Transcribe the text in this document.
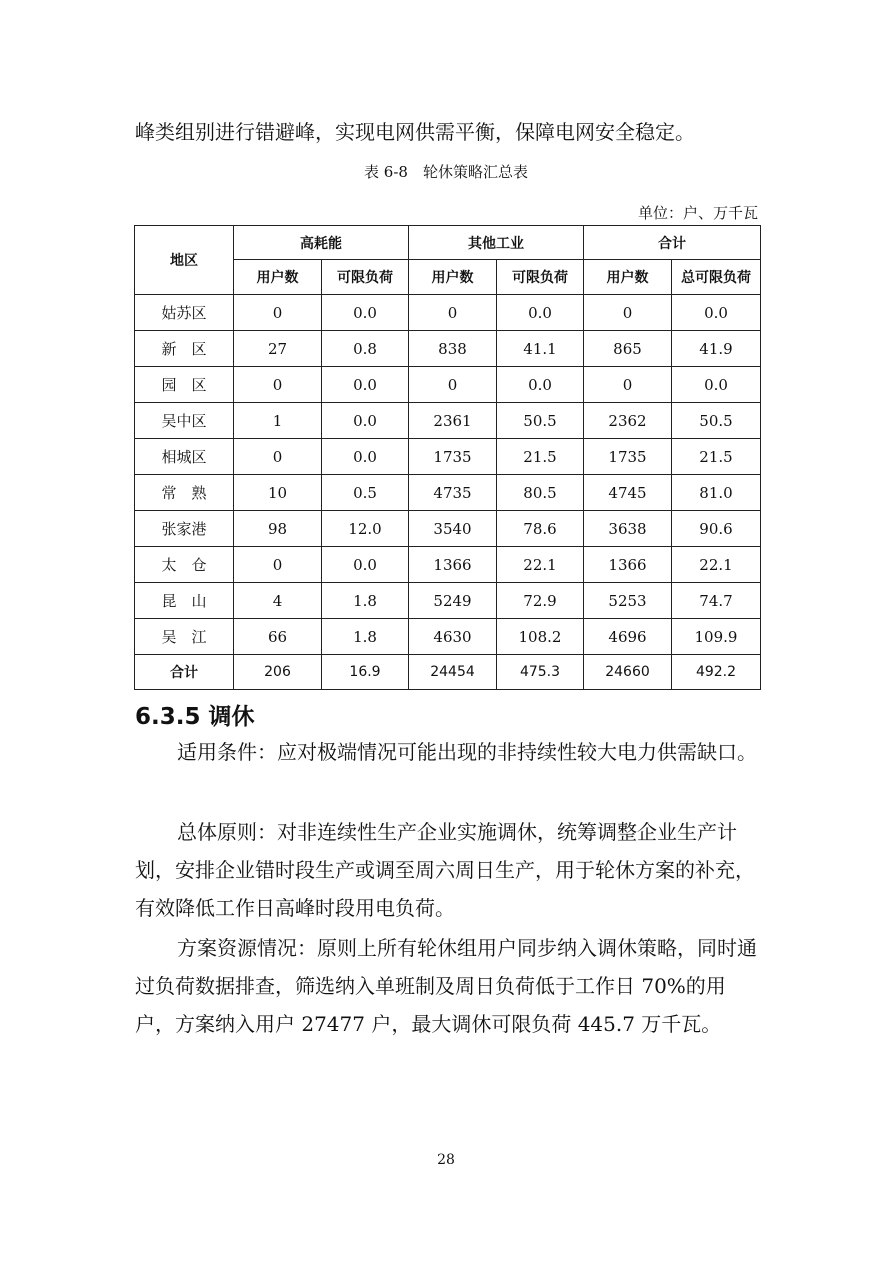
峰类组别进行错避峰，实现电网供需平衡，保障电网安全稳定。

表 6-8　轮休策略汇总表
单位：户、万千瓦
地区	高耗能		其他工业		合计	
	用户数	可限负荷	用户数	可限负荷	用户数	总可限负荷
姑苏区	0	0.0	0	0.0	0	0.0
新　区	27	0.8	838	41.1	865	41.9
园　区	0	0.0	0	0.0	0	0.0
吴中区	1	0.0	2361	50.5	2362	50.5
相城区	0	0.0	1735	21.5	1735	21.5
常　熟	10	0.5	4735	80.5	4745	81.0
张家港	98	12.0	3540	78.6	3638	90.6
太　仓	0	0.0	1366	22.1	1366	22.1
昆　山	4	1.8	5249	72.9	5253	74.7
吴　江	66	1.8	4630	108.2	4696	109.9
合计	206	16.9	24454	475.3	24660	492.2
6.3.5 调休

适用条件：应对极端情况可能出现的非持续性较大电力供需缺口。

总体原则：对非连续性生产企业实施调休，统筹调整企业生产计划，安排企业错时段生产或调至周六周日生产，用于轮休方案的补充，有效降低工作日高峰时段用电负荷。

方案资源情况：原则上所有轮休组用户同步纳入调休策略，同时通过负荷数据排查，筛选纳入单班制及周日负荷低于工作日 70%的用户，方案纳入用户 27477 户，最大调休可限负荷 445.7 万千瓦。

28
